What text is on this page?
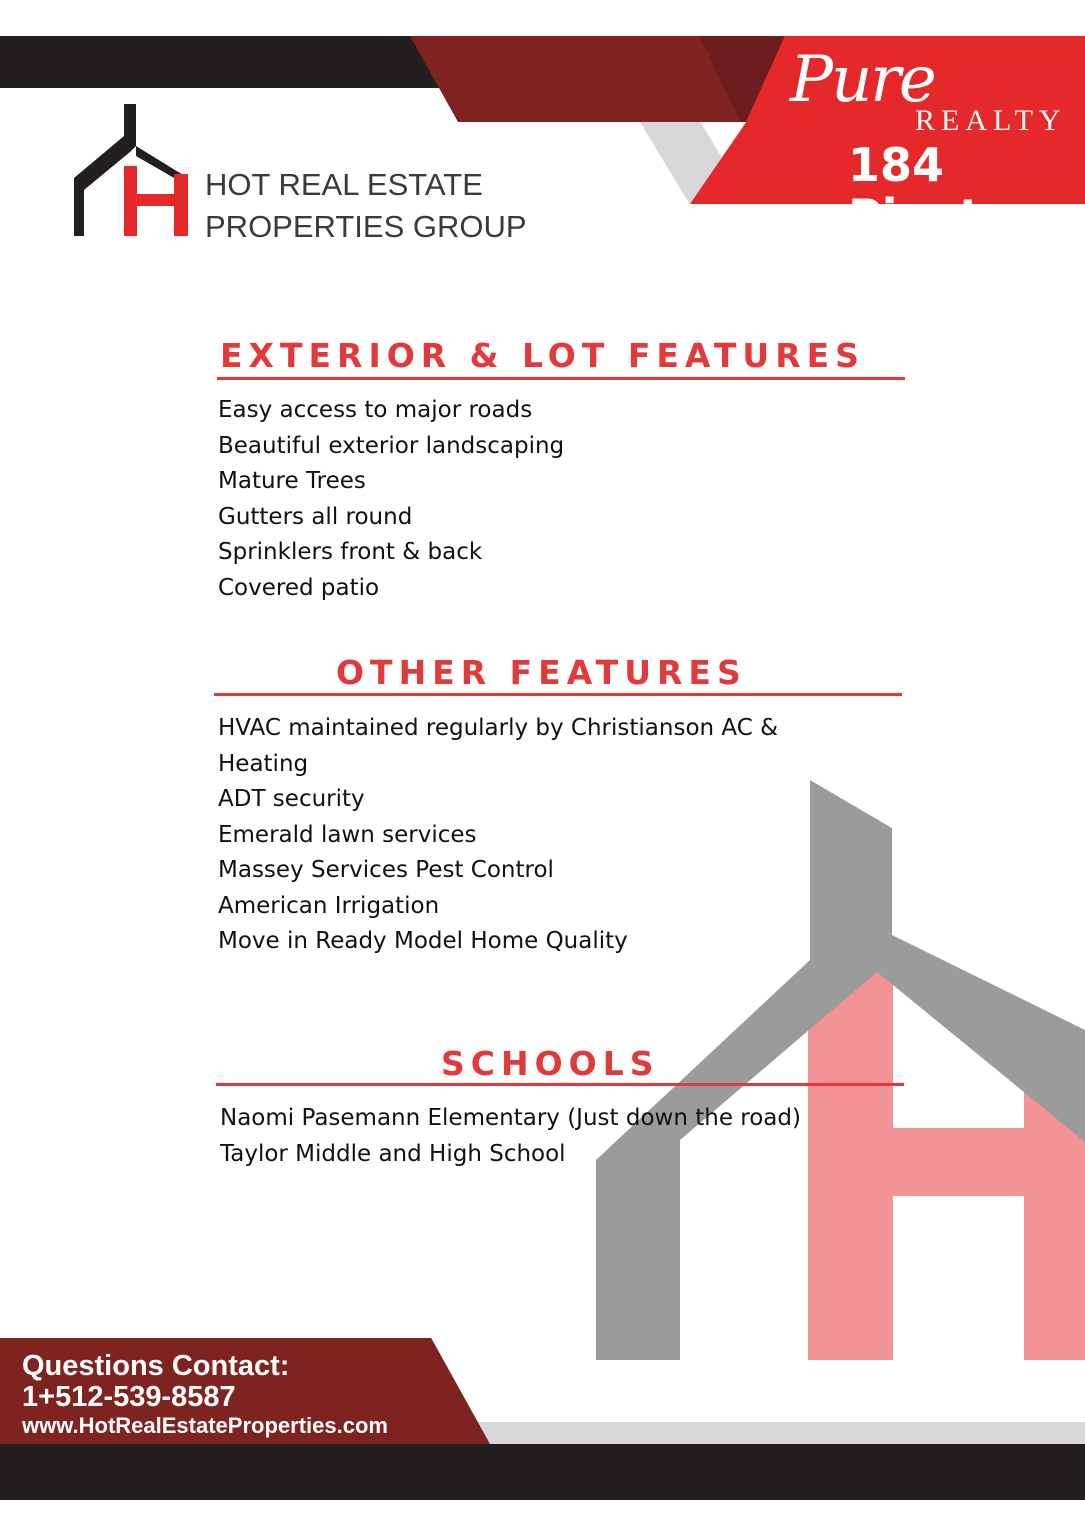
Pure
REALTY
184 Pivot
HOT REAL ESTATE
PROPERTIES GROUP
EXTERIOR & LOT FEATURES
Easy access to major roads
Beautiful exterior landscaping
Mature Trees
Gutters all round
Sprinklers front & back
Covered patio
OTHER FEATURES
HVAC maintained regularly by Christianson AC &
Heating
ADT security
Emerald lawn services
Massey Services Pest Control
American Irrigation
Move in Ready Model Home Quality
SCHOOLS
Naomi Pasemann Elementary (Just down the road)
Taylor Middle and High School
Questions Contact:
1+512-539-8587
www.HotRealEstateProperties.com
